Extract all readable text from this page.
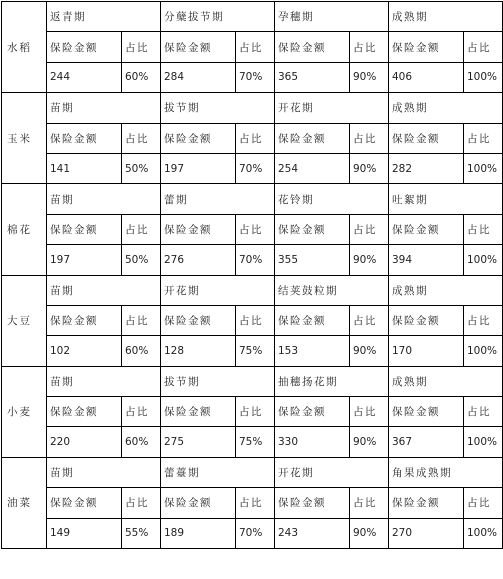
水稻	返青期		分蘖拔节期		孕穗期		成熟期	
	保险金额	占比	保险金额	占比	保险金额	占比	保险金额	占比
	244	60%	284	70%	365	90%	406	100%
玉米	苗期		拔节期		开花期		成熟期	
	保险金额	占比	保险金额	占比	保险金额	占比	保险金额	占比
	141	50%	197	70%	254	90%	282	100%
棉花	苗期		蕾期		花铃期		吐絮期	
	保险金额	占比	保险金额	占比	保险金额	占比	保险金额	占比
	197	50%	276	70%	355	90%	394	100%
大豆	苗期		开花期		结荚鼓粒期		成熟期	
	保险金额	占比	保险金额	占比	保险金额	占比	保险金额	占比
	102	60%	128	75%	153	90%	170	100%
小麦	苗期		拔节期		抽穗扬花期		成熟期	
	保险金额	占比	保险金额	占比	保险金额	占比	保险金额	占比
	220	60%	275	75%	330	90%	367	100%
油菜	苗期		蕾薹期		开花期		角果成熟期	
	保险金额	占比	保险金额	占比	保险金额	占比	保险金额	占比
	149	55%	189	70%	243	90%	270	100%
